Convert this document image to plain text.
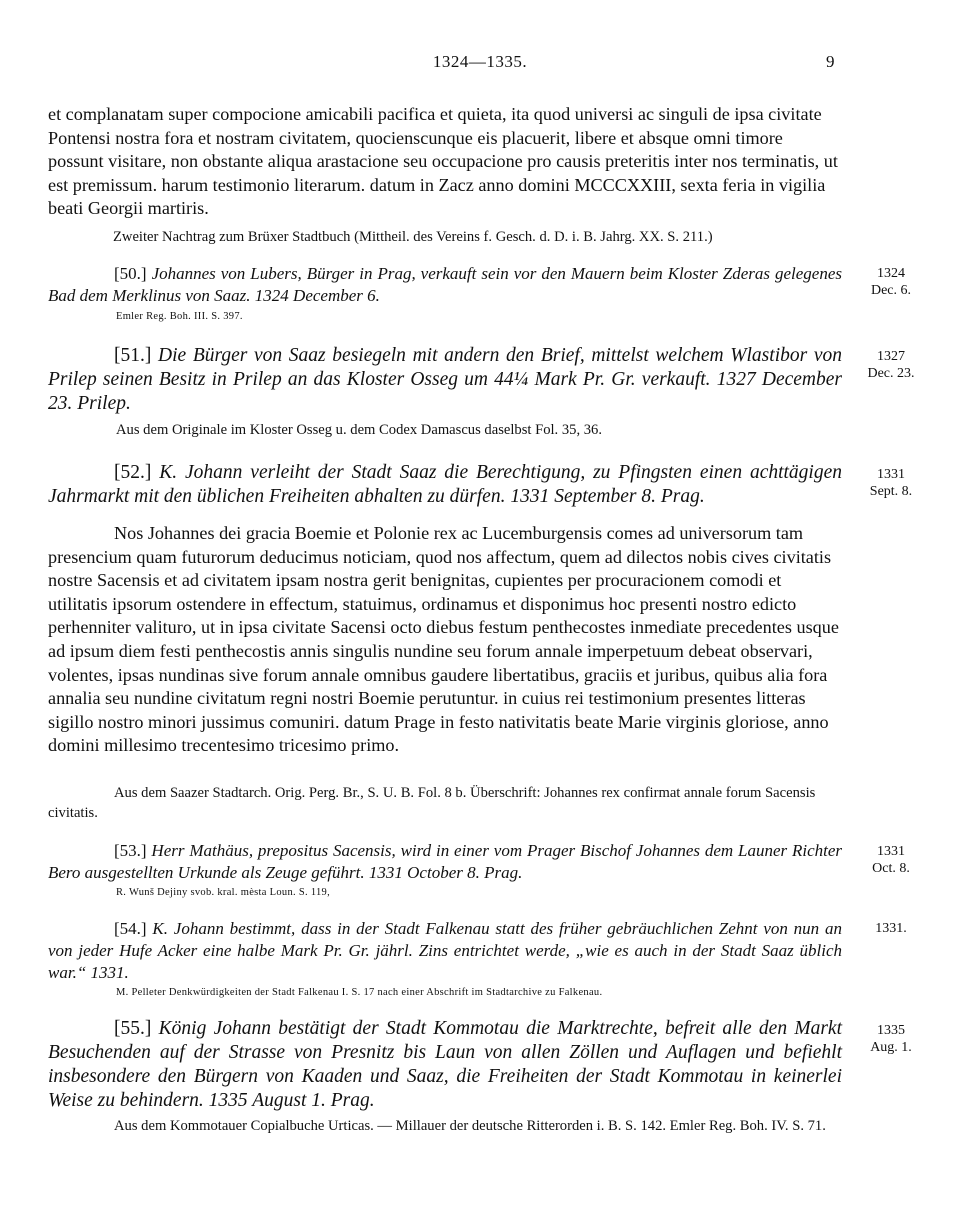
1324—1335.	9

et complanatam super compocione amicabili pacifica et quieta, ita quod universi ac singuli de ipsa civitate Pontensi nostra fora et nostram civitatem, quocienscunque eis placuerit, libere et absque omni timore possunt visitare, non obstante aliqua arastacione seu occupacione pro causis preteritis inter nos terminatis, ut est premissum. harum testimonio literarum. datum in Zacz anno domini MCCCXXIII, sexta feria in vigilia beati Georgii martiris.

Zweiter Nachtrag zum Brüxer Stadtbuch (Mittheil. des Vereins f. Gesch. d. D. i. B. Jahrg. XX. S. 211.)

[50.] Johannes von Lubers, Bürger in Prag, verkauft sein vor den Mauern beim Kloster Zderas gelegenes Bad dem Merklinus von Saaz. 1324 December 6.

Emler Reg. Boh. III. S. 397.

1324
Dec. 6.

[51.] Die Bürger von Saaz besiegeln mit andern den Brief, mittelst welchem Wlastibor von Prilep seinen Besitz in Prilep an das Kloster Osseg um 44¼ Mark Pr. Gr. verkauft. 1327 December 23. Prilep.

Aus dem Originale im Kloster Osseg u. dem Codex Damascus daselbst Fol. 35, 36.

1327
Dec. 23.

[52.] K. Johann verleiht der Stadt Saaz die Berechtigung, zu Pfingsten einen achttägigen Jahrmarkt mit den üblichen Freiheiten abhalten zu dürfen. 1331 September 8. Prag.

1331
Sept. 8.

Nos Johannes dei gracia Boemie et Polonie rex ac Lucemburgensis comes ad universorum tam presencium quam futurorum deducimus noticiam, quod nos affectum, quem ad dilectos nobis cives civitatis nostre Sacensis et ad civitatem ipsam nostra gerit benignitas, cupientes per procuracionem comodi et utilitatis ipsorum ostendere in effectum, statuimus, ordinamus et disponimus hoc presenti nostro edicto perhenniter valituro, ut in ipsa civitate Sacensi octo diebus festum penthecostes inmediate precedentes usque ad ipsum diem festi penthecostis annis singulis nundine seu forum annale imperpetuum debeat observari, volentes, ipsas nundinas sive forum annale omnibus gaudere libertatibus, graciis et juribus, quibus alia fora annalia seu nundine civitatum regni nostri Boemie perutuntur. in cuius rei testimonium presentes litteras sigillo nostro minori jussimus comuniri. datum Prage in festo nativitatis beate Marie virginis gloriose, anno domini millesimo trecentesimo tricesimo primo.

Aus dem Saazer Stadtarch. Orig. Perg. Br., S. U. B. Fol. 8 b. Überschrift: Johannes rex confirmat annale forum Sacensis civitatis.

[53.] Herr Mathäus, prepositus Sacensis, wird in einer vom Prager Bischof Johannes dem Launer Richter Bero ausgestellten Urkunde als Zeuge geführt. 1331 October 8. Prag.

R. Wunš Dejiny svob. kral. mèsta Loun. S. 119,

1331
Oct. 8.

[54.] K. Johann bestimmt, dass in der Stadt Falkenau statt des früher gebräuchlichen Zehnt von nun an von jeder Hufe Acker eine halbe Mark Pr. Gr. jährl. Zins entrichtet werde, „wie es auch in der Stadt Saaz üblich war.“ 1331.

M. Pelleter Denkwürdigkeiten der Stadt Falkenau I. S. 17 nach einer Abschrift im Stadtarchive zu Falkenau.

1331.

[55.] König Johann bestätigt der Stadt Kommotau die Marktrechte, befreit alle den Markt Besuchenden auf der Strasse von Presnitz bis Laun von allen Zöllen und Auflagen und befiehlt insbesondere den Bürgern von Kaaden und Saaz, die Freiheiten der Stadt Kommotau in keinerlei Weise zu behindern. 1335 August 1. Prag.

Aus dem Kommotauer Copialbuche Urticas. — Millauer der deutsche Ritterorden i. B. S. 142. Emler Reg. Boh. IV. S. 71.

1335
Aug. 1.
